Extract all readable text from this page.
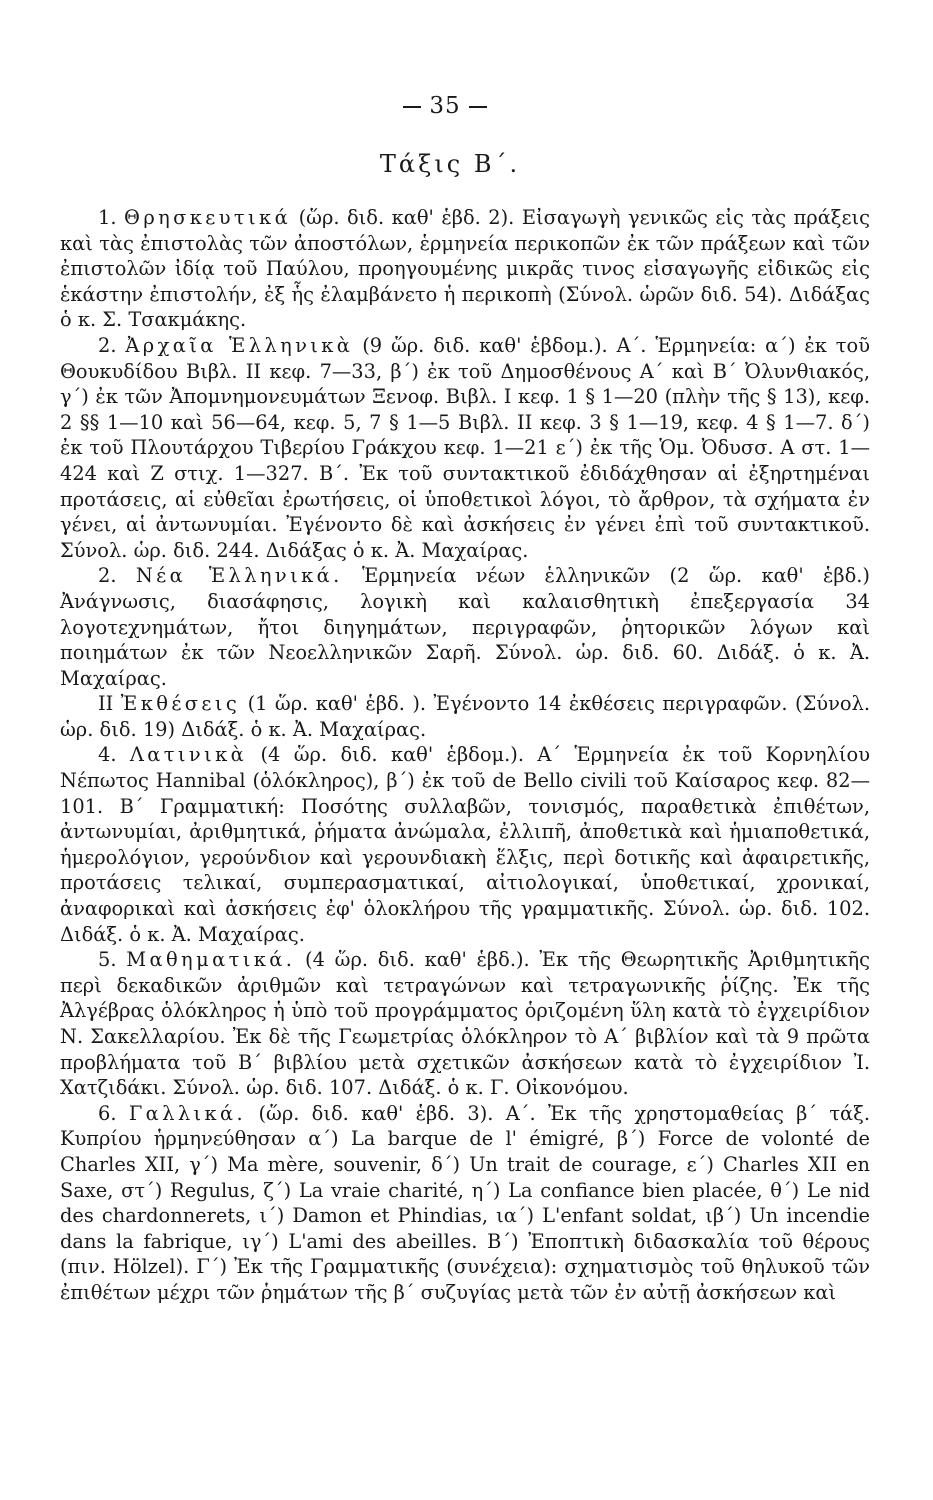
35
Τάξις Β΄.

1. Θρησκευτικά (ὥρ. διδ. καθ' ἑβδ. 2). Εἰσαγωγὴ γενικῶς εἰς τὰς πράξεις καὶ τὰς ἐπιστολὰς τῶν ἀποστόλων, ἑρμηνεία περικοπῶν ἐκ τῶν πράξεων καὶ τῶν ἐπιστολῶν ἰδίᾳ τοῦ Παύλου, προηγουμένης μικρᾶς τινος εἰσαγωγῆς εἰδικῶς εἰς ἑκάστην ἐπιστολήν, ἐξ ἧς ἐλαμβάνετο ἡ περικοπὴ (Σύνολ. ὡρῶν διδ. 54). Διδάξας ὁ κ. Σ. Τσακμάκης.

2. Ἀρχαῖα Ἑλληνικὰ (9 ὥρ. διδ. καθ' ἑβδομ.). Α΄. Ἑρμηνεία: α΄) ἐκ τοῦ Θουκυδίδου Βιβλ. ΙΙ κεφ. 7—33, β΄) ἐκ τοῦ Δημοσθένους Α΄ καὶ Β΄ Ὀλυνθιακός, γ΄) ἐκ τῶν Ἀπομνημονευμάτων Ξενοφ. Βιβλ. Ι κεφ. 1 § 1—20 (πλὴν τῆς § 13), κεφ. 2 §§ 1—10 καὶ 56—64, κεφ. 5, 7 § 1—5 Βιβλ. ΙΙ κεφ. 3 § 1—19, κεφ. 4 § 1—7. δ΄) ἐκ τοῦ Πλουτάρχου Τιβερίου Γράκχου κεφ. 1—21 ε΄) ἐκ τῆς Ὁμ. Ὀδυσσ. Α στ. 1—424 καὶ Ζ στιχ. 1—327. Β΄. Ἐκ τοῦ συντακτικοῦ ἐδιδάχθησαν αἱ ἐξηρτημέναι προτάσεις, αἱ εὐθεῖαι ἐρωτήσεις, οἱ ὑποθετικοὶ λόγοι, τὸ ἄρθρον, τὰ σχήματα ἐν γένει, αἱ ἀντωνυμίαι. Ἐγένοντο δὲ καὶ ἀσκήσεις ἐν γένει ἐπὶ τοῦ συντακτικοῦ. Σύνολ. ὡρ. διδ. 244. Διδάξας ὁ κ. Ἀ. Μαχαίρας.

2. Νέα Ἑλληνικά. Ἑρμηνεία νέων ἑλληνικῶν (2 ὥρ. καθ' ἑβδ.) Ἀνάγνωσις, διασάφησις, λογικὴ καὶ καλαισθητικὴ ἐπεξεργασία 34 λογοτεχνημάτων, ἤτοι διηγημάτων, περιγραφῶν, ῥητορικῶν λόγων καὶ ποιημάτων ἐκ τῶν Νεοελληνικῶν Σαρῆ. Σύνολ. ὡρ. διδ. 60. Διδάξ. ὁ κ. Ἀ. Μαχαίρας.

ΙΙ Ἐκθέσεις (1 ὥρ. καθ' ἑβδ. ). Ἐγένοντο 14 ἐκθέσεις περιγραφῶν. (Σύνολ. ὡρ. διδ. 19) Διδάξ. ὁ κ. Ἀ. Μαχαίρας.

4. Λατινικὰ (4 ὥρ. διδ. καθ' ἑβδομ.). Α΄ Ἑρμηνεία ἐκ τοῦ Κορνηλίου Νέπωτος Hannibal (ὁλόκληρος), β΄) ἐκ τοῦ de Bello civili τοῦ Καίσαρος κεφ. 82—101. Β΄ Γραμματική: Ποσότης συλλαβῶν, τονισμός, παραθετικὰ ἐπιθέτων, ἀντωνυμίαι, ἀριθμητικά, ῥήματα ἀνώμαλα, ἐλλιπῆ, ἀποθετικὰ καὶ ἡμιαποθετικά, ἡμερολόγιον, γερούνδιον καὶ γερουνδιακὴ ἕλξις, περὶ δοτικῆς καὶ ἀφαιρετικῆς, προτάσεις τελικαί, συμπερασματικαί, αἰτιολογικαί, ὑποθετικαί, χρονικαί, ἀναφορικαὶ καὶ ἀσκήσεις ἐφ' ὁλοκλήρου τῆς γραμματικῆς. Σύνολ. ὡρ. διδ. 102. Διδάξ. ὁ κ. Ἀ. Μαχαίρας.

5. Μαθηματικά. (4 ὥρ. διδ. καθ' ἑβδ.). Ἐκ τῆς Θεωρητικῆς Ἀριθμητικῆς περὶ δεκαδικῶν ἀριθμῶν καὶ τετραγώνων καὶ τετραγωνικῆς ῥίζης. Ἐκ τῆς Ἀλγέβρας ὁλόκληρος ἡ ὑπὸ τοῦ προγράμματος ὁριζομένη ὕλη κατὰ τὸ ἐγχειρίδιον Ν. Σακελλαρίου. Ἐκ δὲ τῆς Γεωμετρίας ὁλόκληρον τὸ Α΄ βιβλίον καὶ τὰ 9 πρῶτα προβλήματα τοῦ Β΄ βιβλίου μετὰ σχετικῶν ἀσκήσεων κατὰ τὸ ἐγχειρίδιον Ἰ. Χατζιδάκι. Σύνολ. ὡρ. διδ. 107. Διδάξ. ὁ κ. Γ. Οἰκονόμου.

6. Γαλλικά. (ὥρ. διδ. καθ' ἑβδ. 3). Α΄. Ἐκ τῆς χρηστομαθείας β΄ τάξ. Κυπρίου ἡρμηνεύθησαν α΄) La barque de l' émigré, β΄) Force de volonté de Charles XII, γ΄) Ma mère, souvenir, δ΄) Un trait de courage, ε΄) Charles XII en Saxe, στ΄) Regulus, ζ΄) La vraie charité, η΄) La confiance bien placée, θ΄) Le nid des chardonnerets, ι΄) Damon et Phindias, ια΄) L'enfant soldat, ιβ΄) Un incendie dans la fabrique, ιγ΄) L'ami des abeilles. Β΄) Ἐποπτικὴ διδασκαλία τοῦ θέρους (πιν. Hölzel). Γ΄) Ἐκ τῆς Γραμματικῆς (συνέχεια): σχηματισμὸς τοῦ θηλυκοῦ τῶν ἐπιθέτων μέχρι τῶν ῥημάτων τῆς β΄ συζυγίας μετὰ τῶν ἐν αὐτῇ ἀσκήσεων καὶ
